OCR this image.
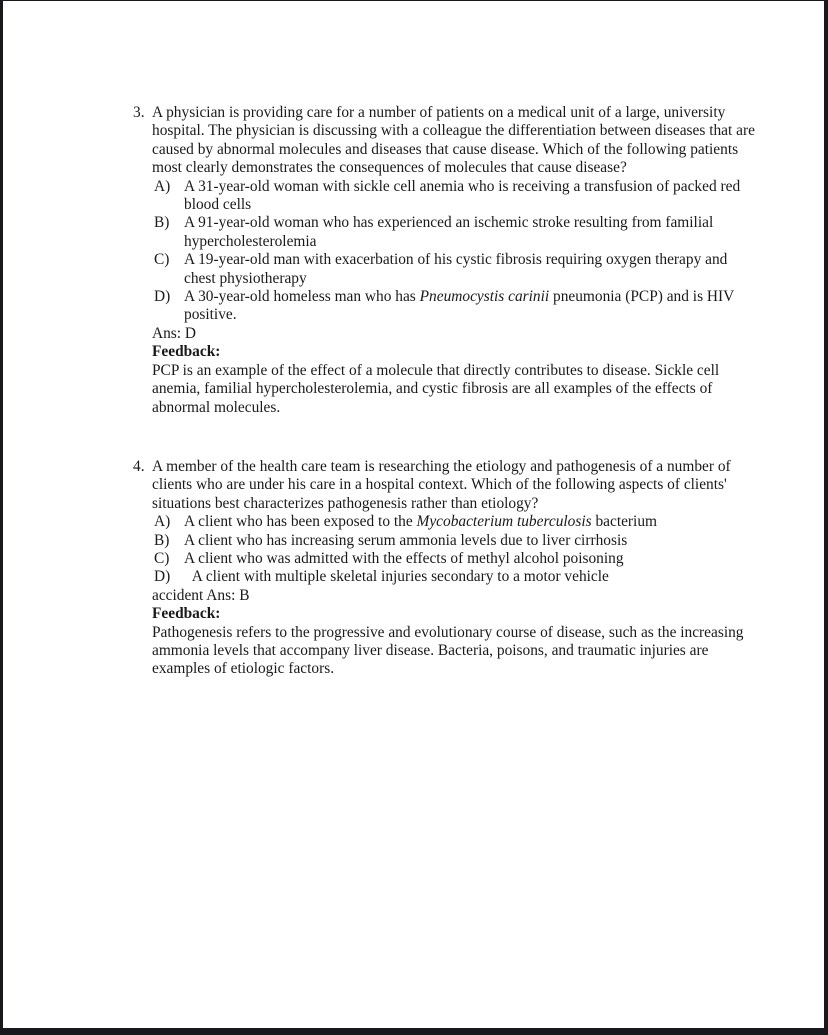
3. A physician is providing care for a number of patients on a medical unit of a large, university hospital. The physician is discussing with a colleague the differentiation between diseases that are caused by abnormal molecules and diseases that cause disease. Which of the following patients most clearly demonstrates the consequences of molecules that cause disease?
A) A 31-year-old woman with sickle cell anemia who is receiving a transfusion of packed red blood cells
B) A 91-year-old woman who has experienced an ischemic stroke resulting from familial hypercholesterolemia
C) A 19-year-old man with exacerbation of his cystic fibrosis requiring oxygen therapy and chest physiotherapy
D) A 30-year-old homeless man who has Pneumocystis carinii pneumonia (PCP) and is HIV positive.
Ans: D
Feedback:
PCP is an example of the effect of a molecule that directly contributes to disease. Sickle cell anemia, familial hypercholesterolemia, and cystic fibrosis are all examples of the effects of abnormal molecules.
4. A member of the health care team is researching the etiology and pathogenesis of a number of clients who are under his care in a hospital context. Which of the following aspects of clients' situations best characterizes pathogenesis rather than etiology?
A) A client who has been exposed to the Mycobacterium tuberculosis bacterium
B) A client who has increasing serum ammonia levels due to liver cirrhosis
C) A client who was admitted with the effects of methyl alcohol poisoning
D) A client with multiple skeletal injuries secondary to a motor vehicle
accident Ans: B
Feedback:
Pathogenesis refers to the progressive and evolutionary course of disease, such as the increasing ammonia levels that accompany liver disease. Bacteria, poisons, and traumatic injuries are examples of etiologic factors.
